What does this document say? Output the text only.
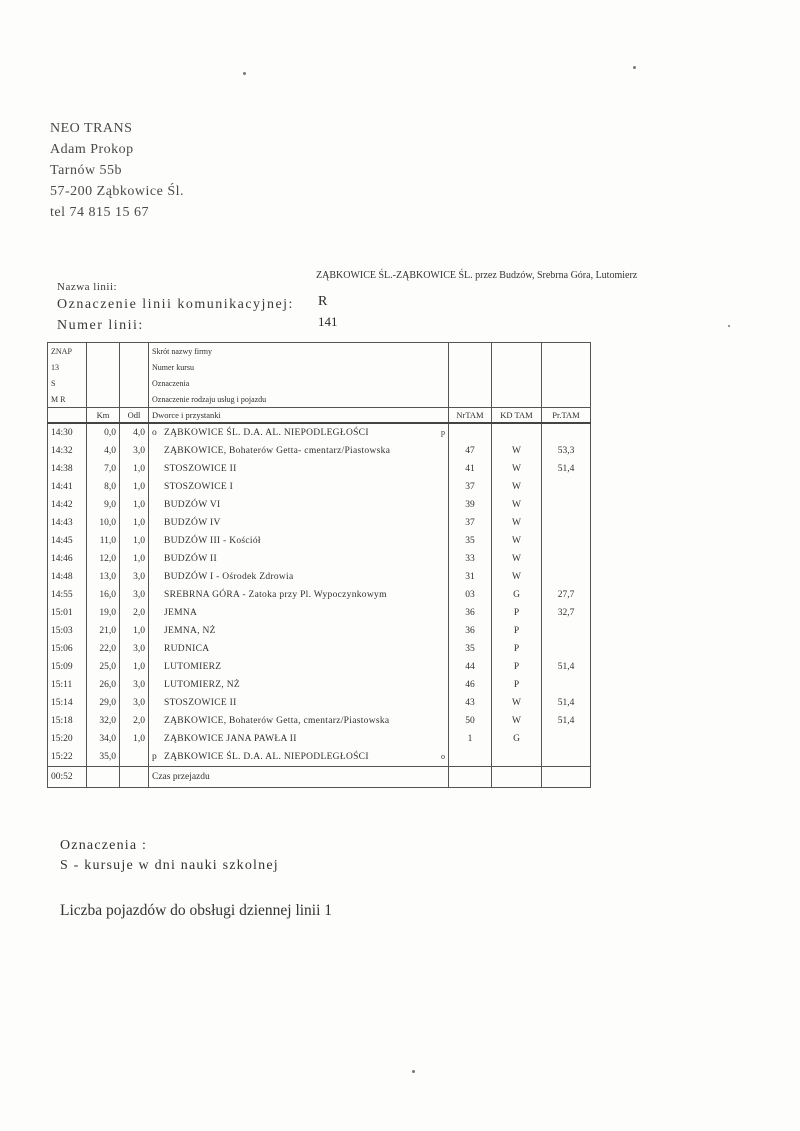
NEO TRANS
Adam Prokop
Tarnów 55b
57-200 Ząbkowice Śl.
tel 74 815 15 67
ZĄBKOWICE ŚL.-ZĄBKOWICE ŚL. przez Budzów, Srebrna Góra, Lutomierz
Nazwa linii:
Oznaczenie linii komunikacyjnej: R
Numer linii:	141
ZNAP			Skrót nazwy firmy			
13			Numer kursu			
S			Oznaczenia			
M R			Oznaczenie rodzaju usług i pojazdu			
	Km	Odl	Dworce i przystanki	NrTAM	KD TAM	Pr.TAM
14:30	0,0	4,0	o ZĄBKOWICE ŚL. D.A. AL. NIEPODLEGŁOŚCI p			

14:32	4,0	3,0	ZĄBKOWICE, Bohaterów Getta- cmentarz/Piastowska	47	W	53,3
14:38	7,0	1,0	STOSZOWICE II	41	W	51,4
14:41	8,0	1,0	STOSZOWICE I	37	W	
14:42	9,0	1,0	BUDZÓW VI	39	W	
14:43	10,0	1,0	BUDZÓW IV	37	W	
14:45	11,0	1,0	BUDZÓW III - Kościół	35	W	
14:46	12,0	1,0	BUDZÓW II	33	W	
14:48	13,0	3,0	BUDZÓW I - Ośrodek Zdrowia	31	W	
14:55	16,0	3,0	SREBRNA GÓRA - Zatoka przy Pl. Wypoczynkowym	03	G	27,7
15:01	19,0	2,0	JEMNA	36	P	32,7
15:03	21,0	1,0	JEMNA, NŻ	36	P	
15:06	22,0	3,0	RUDNICA	35	P	
15:09	25,0	1,0	LUTOMIERZ	44	P	51,4
15:11	26,0	3,0	LUTOMIERZ, NŻ	46	P	
15:14	29,0	3,0	STOSZOWICE II	43	W	51,4
15:18	32,0	2,0	ZĄBKOWICE, Bohaterów Getta, cmentarz/Piastowska	50	W	51,4
15:20	34,0	1,0	ZĄBKOWICE JANA PAWŁA II	1	G	
15:22	35,0		p ZĄBKOWICE ŚL. D.A. AL. NIEPODLEGŁOŚCI o			

00:52			Czas przejazdu			
Oznaczenia :
S - kursuje w dni nauki szkolnej
Liczba pojazdów do obsługi dziennej linii 1
